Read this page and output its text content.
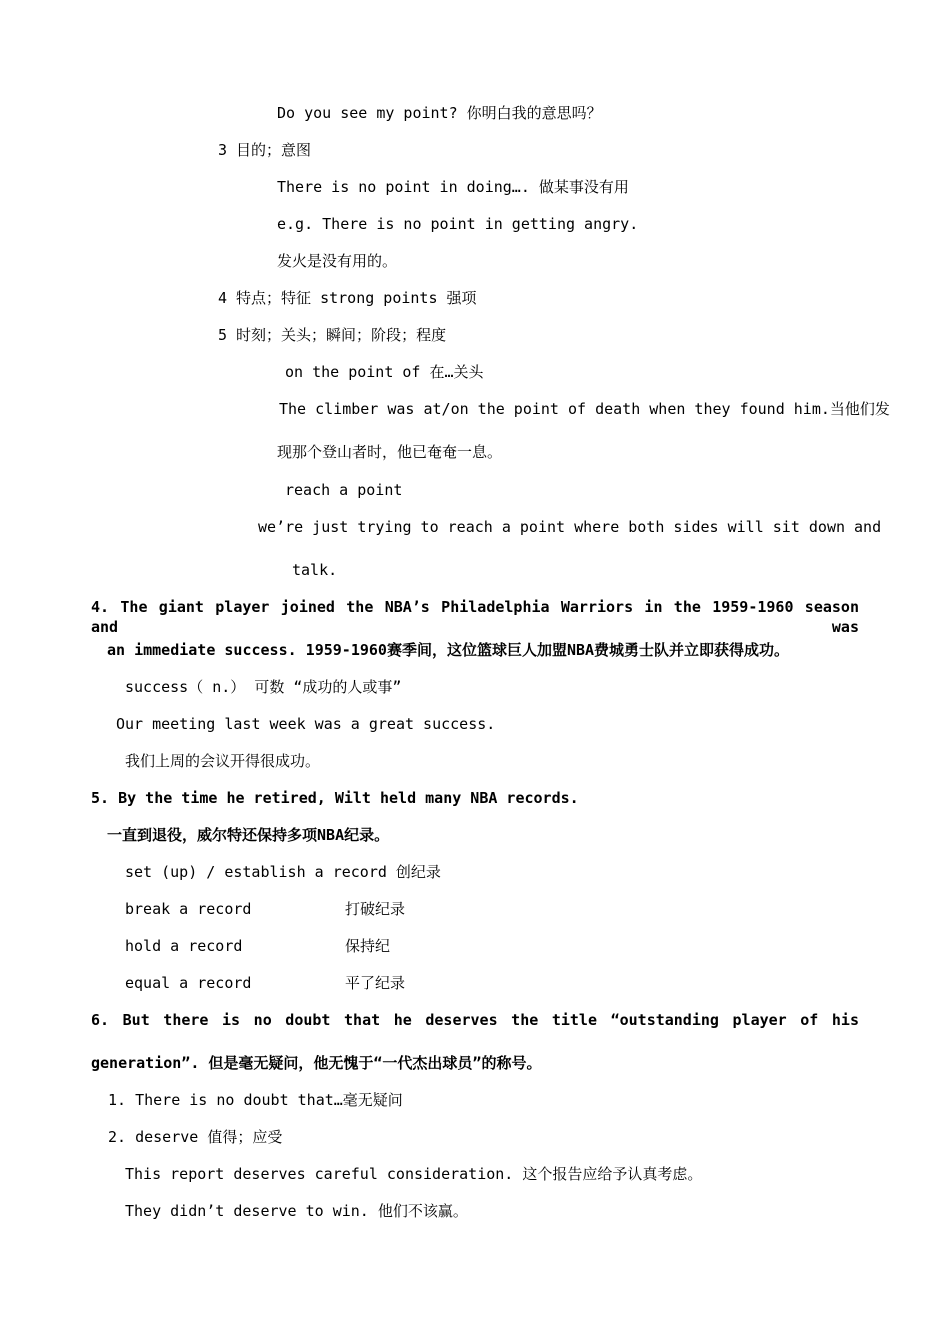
Do you see my point? 你明白我的意思吗？
3 目的；意图
There is no point in doing…. 做某事没有用
e.g. There is no point in getting angry.
发火是没有用的。
4 特点；特征 strong points 强项
5 时刻；关头；瞬间；阶段；程度
on the point of 在…关头
The climber was at/on the point of death when they found him.当他们发
现那个登山者时，他已奄奄一息。
reach a point
we’re just trying to reach a point where both sides will sit down and
talk.
4. The giant player joined the NBA’s Philadelphia Warriors in the 1959-1960 season and was
an immediate success. 1959-1960赛季间，这位篮球巨人加盟NBA费城勇士队并立即获得成功。
success（ n.） 可数 “成功的人或事”
Our meeting last week was a great success.
我们上周的会议开得很成功。
5. By the time he retired, Wilt held many NBA records.
一直到退役，威尔特还保持多项NBA纪录。
set (up) / establish a record 创纪录
break a record	打破纪录
hold a record	保持纪
equal a record	平了纪录
6. But there is no doubt that he deserves the title “outstanding player of his
generation”. 但是毫无疑问，他无愧于“一代杰出球员”的称号。
1. There is no doubt that…毫无疑问
2. deserve 值得；应受
This report deserves careful consideration. 这个报告应给予认真考虑。
They didn’t deserve to win. 他们不该赢。
